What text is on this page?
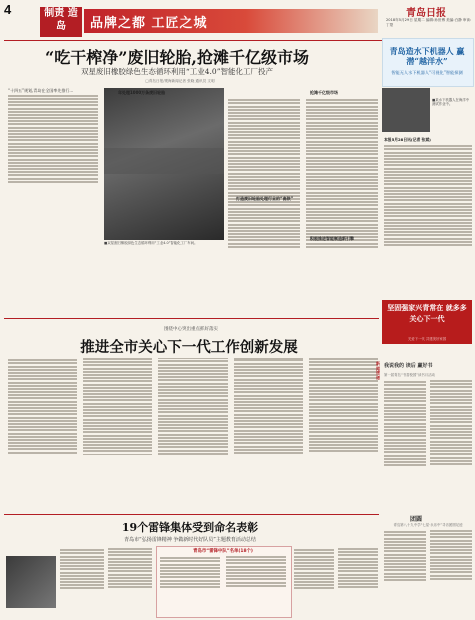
4	制责 造岛	品牌之都 工匠之城
青岛日报
2018年5月29日 星期二 编辑:孙世博 美编:白静 审读:丁蒙
“吃干榨净”废旧轮胎,抢滩千亿级市场
双星废旧橡胶绿色生态循环利用“工业4.0”智能化工厂投产
□青岛日报/观海新闻记者 张晓 通讯员 文明
“十四五”规划,青岛在全国率先推行…
■双星废旧橡胶绿色生态循环利用“工业4.0”智能化工厂车间。
年处理1000万条废旧轮胎
打造废旧轮胎处理行业的“高铁”
抢滩千亿级市场
积极推进智能制造新引擎
青岛造水下机器人 赢潜“越洋水”
智能无人水下机器人“可视化”智能探测
■某水下机器人在海洋中测试作业中。
本报5月28日讯(记者 张斌)
围绕中心突出重点抓好落实
推进全市关心下一代工作创新发展
坚固强家兴青常在 就多多关心下一代
关爱下一代 共建美好家园
新闻速递
我说我的 读后 赢好书
第一届青岛“书香校园”读书月活动
团圆
青岛第八十九中学“七星·永乐中”寻访团圆足迹
19个雷锋集体受到命名表彰
青岛市“弘扬雷锋精神 争做新时代好队员”主题教育活动总结
青岛市“雷锋中队”名单(18个)
